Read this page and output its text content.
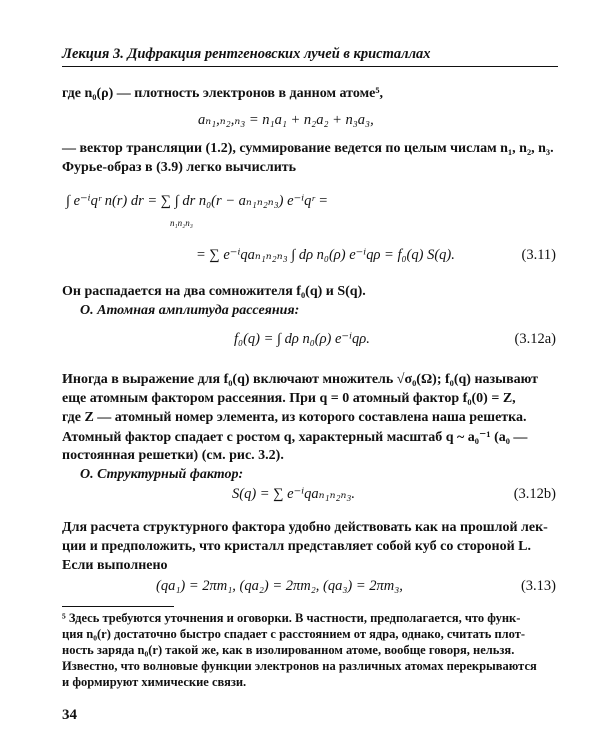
Лекция 3. Дифракция рентгеновских лучей в кристаллах
где n₀(ρ) — плотность электронов в данном атоме⁵,
aₙ₁,ₙ₂,ₙ₃ = n₁a₁ + n₂a₂ + n₃a₃,
— вектор трансляции (1.2), суммирование ведется по целым числам n₁, n₂, n₃.
Фурье-образ в (3.9) легко вычислить
∫ e⁻ⁱqʳ n(r) dr = ∑ ∫ dr n₀(r − aₙ₁ₙ₂ₙ₃) e⁻ⁱqʳ =
n₁n₂n₃
= ∑ e⁻ⁱqaₙ₁ₙ₂ₙ₃ ∫ dρ n₀(ρ) e⁻ⁱqρ = f₀(q) S(q).	(3.11)
Он распадается на два сомножителя f₀(q) и S(q).
О. Атомная амплитуда рассеяния:
f₀(q) = ∫ dρ n₀(ρ) e⁻ⁱqρ.	(3.12a)
Иногда в выражение для f₀(q) включают множитель √σ₀(Ω); f₀(q) называют
еще атомным фактором рассеяния. При q = 0 атомный фактор f₀(0) = Z,
где Z — атомный номер элемента, из которого составлена наша решетка.
Атомный фактор спадает с ростом q, характерный масштаб q ~ a₀⁻¹ (a₀ —
постоянная решетки) (см. рис. 3.2).
О. Структурный фактор:
S(q) = ∑ e⁻ⁱqaₙ₁ₙ₂ₙ₃.	(3.12b)
Для расчета структурного фактора удобно действовать как на прошлой лек-
ции и предположить, что кристалл представляет собой куб со стороной L.
Если выполнено
(qa₁) = 2πm₁, (qa₂) = 2πm₂, (qa₃) = 2πm₃,	(3.13)
⁵ Здесь требуются уточнения и оговорки. В частности, предполагается, что функ-
ция n₀(r) достаточно быстро спадает с расстоянием от ядра, однако, считать плот-
ность заряда n₀(r) такой же, как в изолированном атоме, вообще говоря, нельзя.
Известно, что волновые функции электронов на различных атомах перекрываются
и формируют химические связи.
34
